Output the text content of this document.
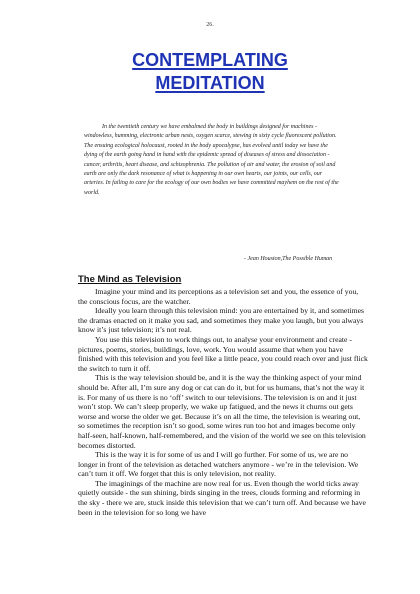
26.
CONTEMPLATING
MEDITATION

In the twentieth century we have embalmed the body in buildings designed for machines - windowless, humming, electronic urban nests, oxygen scarce, stewing in sixty cycle fluorescent pollution. The ensuing ecological holocaust, rooted in the body apocalypse, has evolved until today we have the dying of the earth going hand in hand with the epidemic spread of diseases of stress and dissociation - cancer, arthritis, heart disease, and schizophrenia. The pollution of air and water, the erosion of soil and earth are only the dark resonance of what is happening in our own hearts, our joints, our cells, our arteries. In failing to care for the ecology of our own bodies we have committed mayhem on the rest of the world.

- Jean Houston,The Possible Human
The Mind as Television

Imagine your mind and its perceptions as a television set and you, the essence of you, the conscious focus, are the watcher.

Ideally you learn through this television mind: you are entertained by it, and sometimes the dramas enacted on it make you sad, and sometimes they make you laugh, but you always know it’s just television; it’s not real.

You use this television to work things out, to analyse your environment and create - pictures, poems, stories, buildings, love, work. You would assume that when you have finished with this television and you feel like a little peace, you could reach over and just flick the switch to turn it off.

This is the way television should be, and it is the way the thinking aspect of your mind should be. After all, I’m sure any dog or cat can do it, but for us humans, that’s not the way it is. For many of us there is no ‘off’ switch to our televisions. The television is on and it just won’t stop. We can’t sleep properly, we wake up fatigued, and the news it churns out gets worse and worse the older we get. Because it’s on all the time, the television is wearing out, so sometimes the reception isn’t so good, some wires run too hot and images become only half-seen, half-known, half-remembered, and the vision of the world we see on this television becomes distorted.

This is the way it is for some of us and I will go further. For some of us, we are no longer in front of the television as detached watchers anymore - we’re in the television. We can’t turn it off. We forget that this is only television, not reality.

The imaginings of the machine are now real for us. Even though the world ticks away quietly outside - the sun shining, birds singing in the trees, clouds forming and reforming in the sky - there we are, stuck inside this television that we can’t turn off. And because we have been in the television for so long we have
